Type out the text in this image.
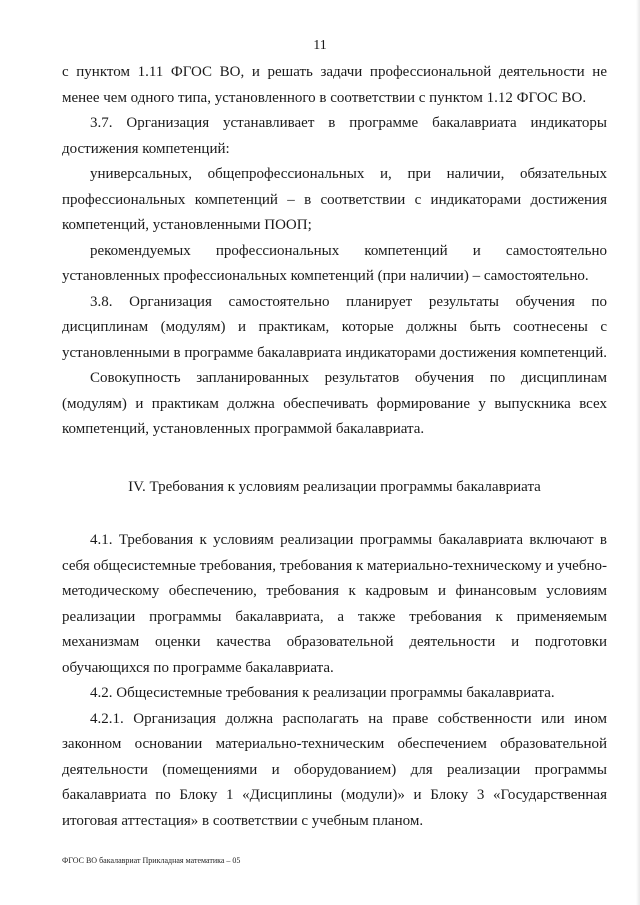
11

с пунктом 1.11 ФГОС ВО, и решать задачи профессиональной деятельности не менее чем одного типа, установленного в соответствии с пунктом 1.12 ФГОС ВО.

3.7. Организация устанавливает в программе бакалавриата индикаторы достижения компетенций:

универсальных, общепрофессиональных и, при наличии, обязательных профессиональных компетенций – в соответствии с индикаторами достижения компетенций, установленными ПООП;

рекомендуемых профессиональных компетенций и самостоятельно установленных профессиональных компетенций (при наличии) – самостоятельно.

3.8. Организация самостоятельно планирует результаты обучения по дисциплинам (модулям) и практикам, которые должны быть соотнесены с установленными в программе бакалавриата индикаторами достижения компетенций.

Совокупность запланированных результатов обучения по дисциплинам (модулям) и практикам должна обеспечивать формирование у выпускника всех компетенций, установленных программой бакалавриата.

IV. Требования к условиям реализации программы бакалавриата

4.1. Требования к условиям реализации программы бакалавриата включают в себя общесистемные требования, требования к материально-техническому и учебно-методическому обеспечению, требования к кадровым и финансовым условиям реализации программы бакалавриата, а также требования к применяемым механизмам оценки качества образовательной деятельности и подготовки обучающихся по программе бакалавриата.

4.2. Общесистемные требования к реализации программы бакалавриата.

4.2.1. Организация должна располагать на праве собственности или ином законном основании материально-техническим обеспечением образовательной деятельности (помещениями и оборудованием) для реализации программы бакалавриата по Блоку 1 «Дисциплины (модули)» и Блоку 3 «Государственная итоговая аттестация» в соответствии с учебным планом.

ФГОС ВО бакалавриат Прикладная математика – 05
